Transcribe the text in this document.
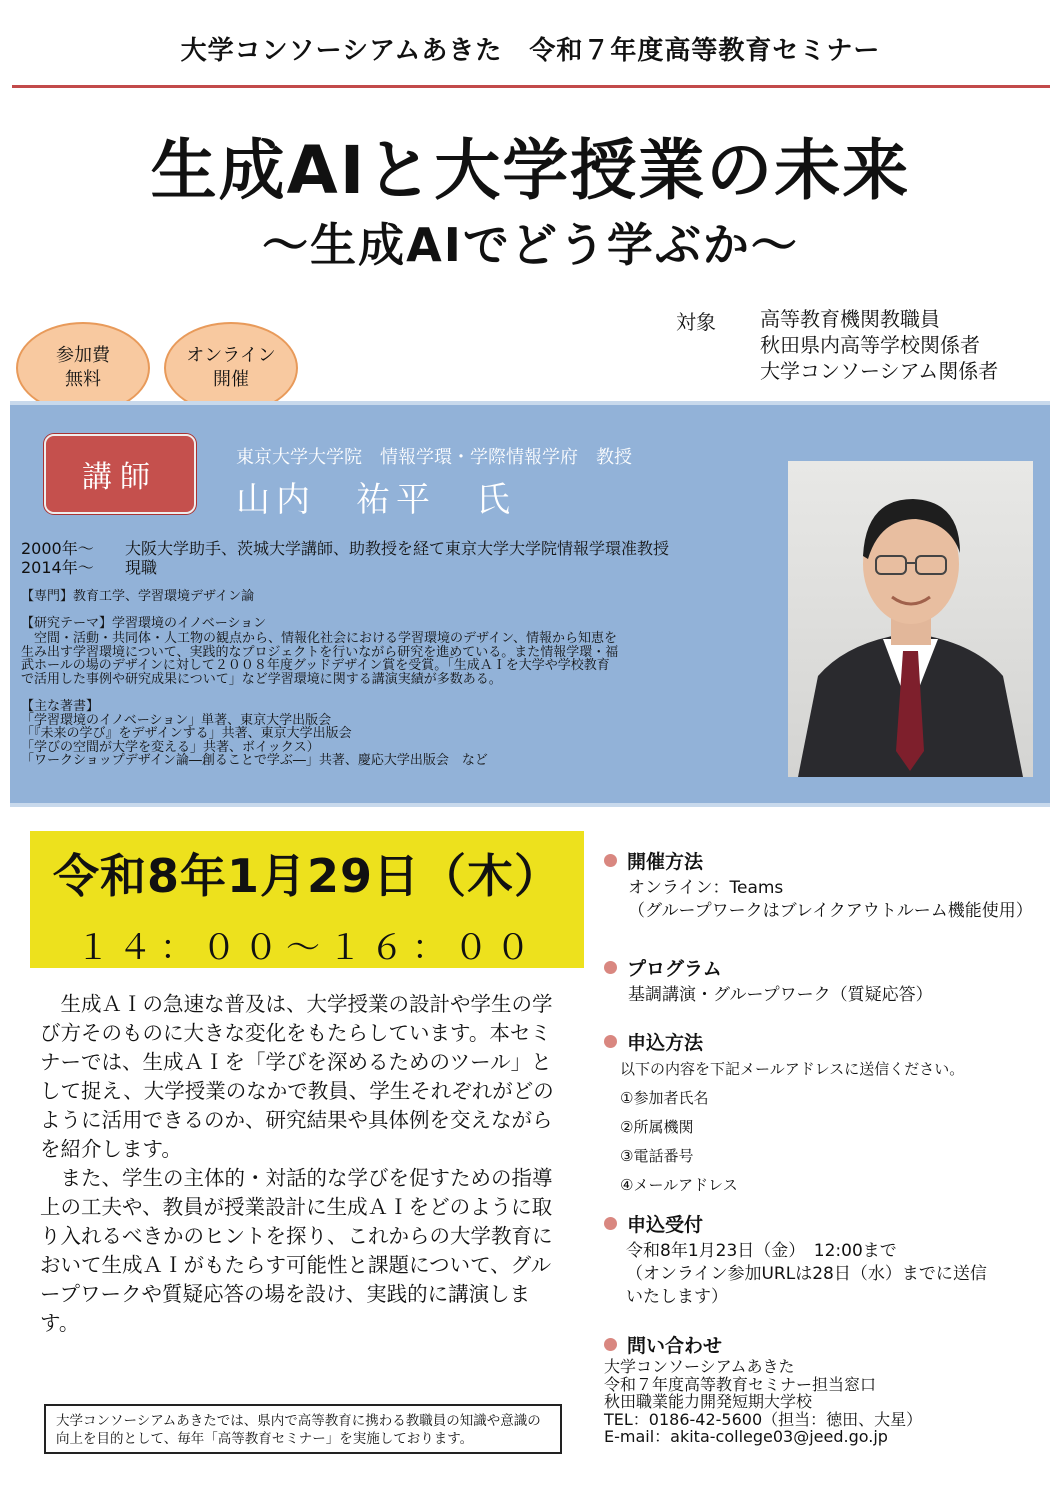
大学コンソーシアムあきた　令和７年度高等教育セミナー
生成AIと大学授業の未来
～生成AIでどう学ぶか～
参加費
無料
オンライン
開催
対象 高等教育機関教職員
秋田県内高等学校関係者
大学コンソーシアム関係者
講師
東京大学大学院　情報学環・学際情報学府　教授
山内　祐平　氏
2000年～ 大阪大学助手、茨城大学講師、助教授を経て東京大学大学院情報学環准教授
2014年～ 現職
【専門】教育工学、学習環境デザイン論
【研究テーマ】学習環境のイノベーション
　空間・活動・共同体・人工物の観点から、情報化社会における学習環境のデザイン、情報から知恵を
生み出す学習環境について、実践的なプロジェクトを行いながら研究を進めている。また情報学環・福
武ホールの場のデザインに対して２００８年度グッドデザイン賞を受賞。「生成ＡＩを大学や学校教育
で活用した事例や研究成果について」など学習環境に関する講演実績が多数ある。
【主な著書】
「学習環境のイノベーション」単著、東京大学出版会
「『未来の学び』をデザインする」共著、東京大学出版会
「学びの空間が大学を変える」共著、ボイックス）
「ワークショップデザイン論―創ることで学ぶ―」共著、慶応大学出版会　など
令和8年1月29日（木）
１４：００～１６：００

生成ＡＩの急速な普及は、大学授業の設計や学生の学び方そのものに大きな変化をもたらしています。本セミナーでは、生成ＡＩを「学びを深めるためのツール」として捉え、大学授業のなかで教員、学生それぞれがどのように活用できるのか、研究結果や具体例を交えながらを紹介します。

また、学生の主体的・対話的な学びを促すための指導上の工夫や、教員が授業設計に生成ＡＩをどのように取り入れるべきかのヒントを探り、これからの大学教育において生成ＡＩがもたらす可能性と課題について、グループワークや質疑応答の場を設け、実践的に講演します。

大学コンソーシアムあきたでは、県内で高等教育に携わる教職員の知識や意識の向上を目的として、毎年「高等教育セミナー」を実施しております。
開催方法
オンライン：Teams
（グループワークはブレイクアウトルーム機能使用）
プログラム
基調講演・グループワーク（質疑応答）
申込方法
以下の内容を下記メールアドレスに送信ください。
①参加者氏名
②所属機関
③電話番号
④メールアドレス
申込受付
令和8年1月23日（金）　12:00まで
（オンライン参加URLは28日（水）までに送信
いたします）
問い合わせ
大学コンソーシアムあきた
令和７年度高等教育セミナー担当窓口
秋田職業能力開発短期大学校
TEL：0186-42-5600（担当：徳田、大星）
E-mail：akita-college03@jeed.go.jp
